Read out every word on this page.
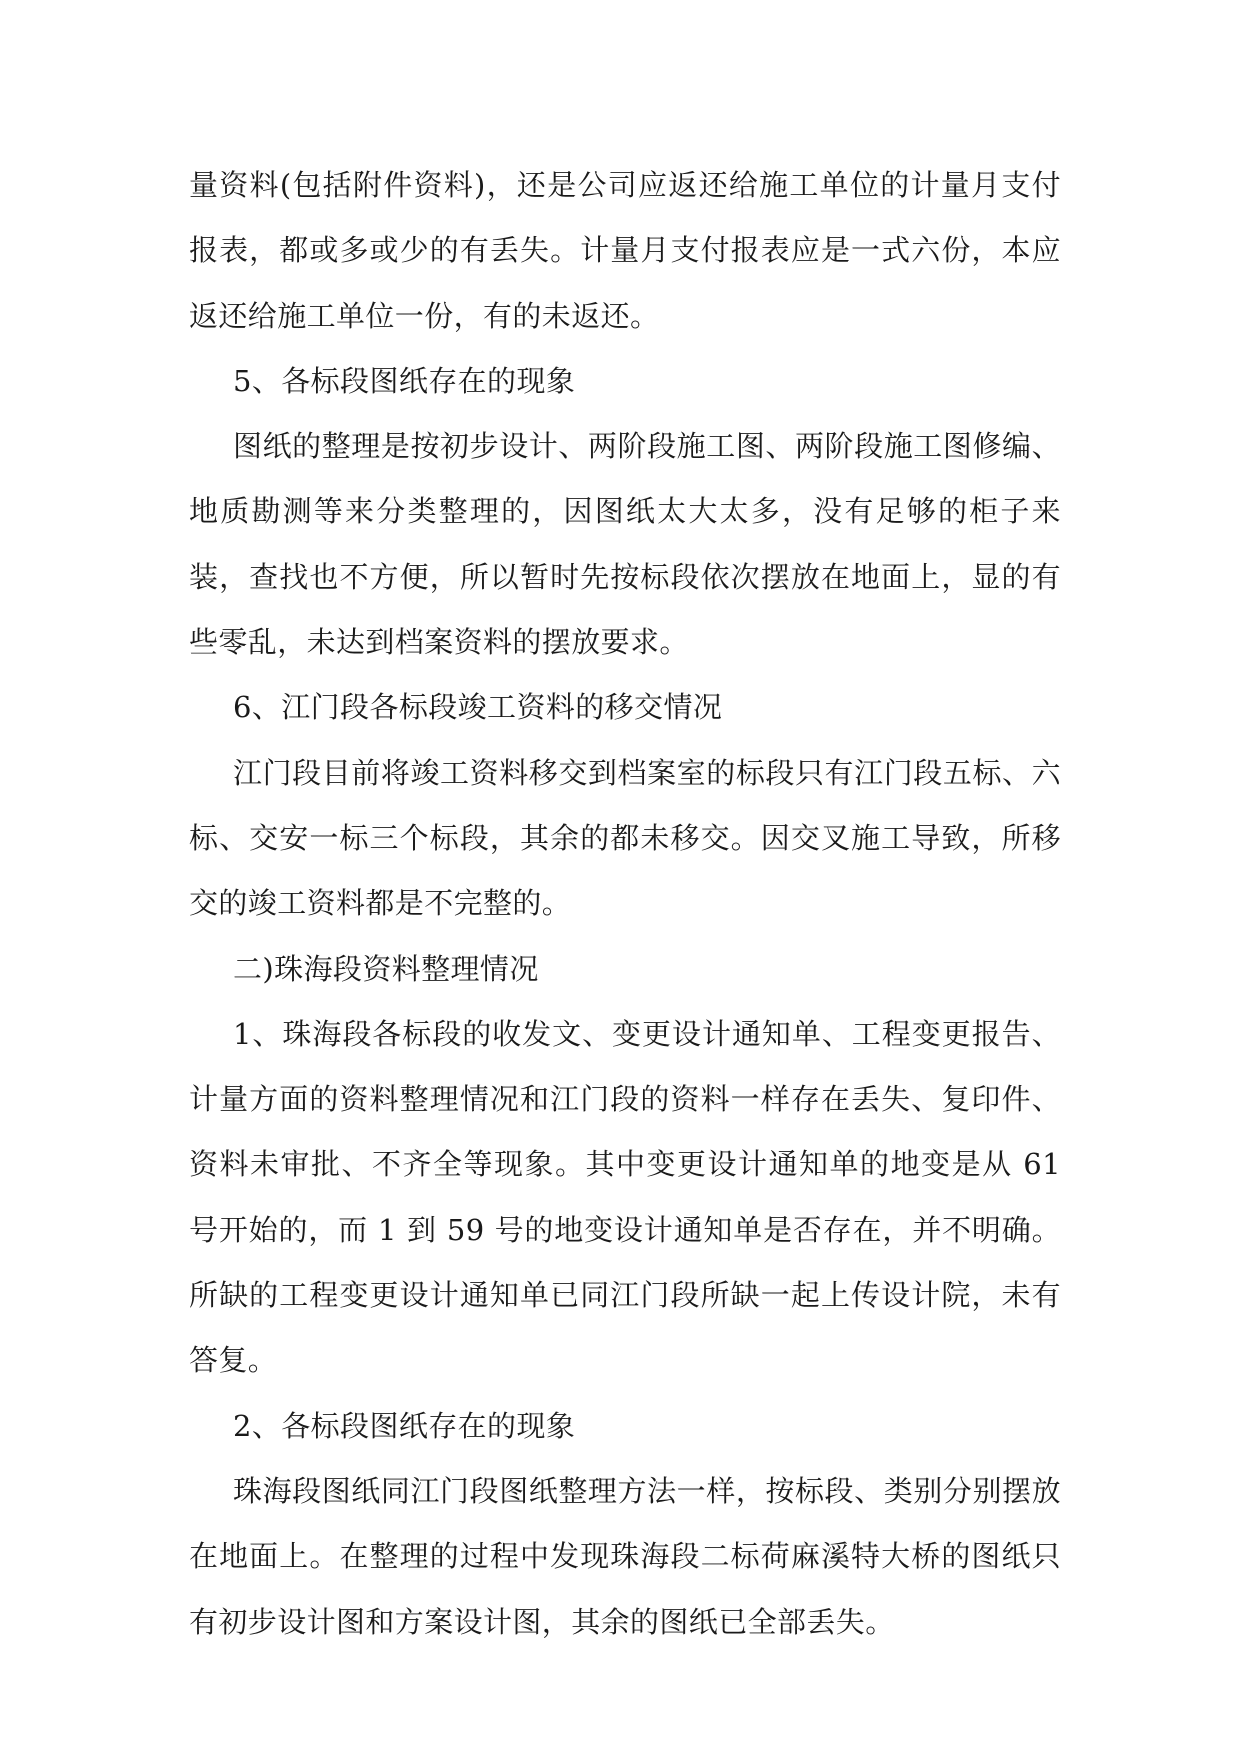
量资料(包括附件资料)，还是公司应返还给施工单位的计量月支付报表，都或多或少的有丢失。计量月支付报表应是一式六份，本应返还给施工单位一份，有的未返还。

5、各标段图纸存在的现象

图纸的整理是按初步设计、两阶段施工图、两阶段施工图修编、地质勘测等来分类整理的，因图纸太大太多，没有足够的柜子来装，查找也不方便，所以暂时先按标段依次摆放在地面上，显的有些零乱，未达到档案资料的摆放要求。

6、江门段各标段竣工资料的移交情况

江门段目前将竣工资料移交到档案室的标段只有江门段五标、六标、交安一标三个标段，其余的都未移交。因交叉施工导致，所移交的竣工资料都是不完整的。

二)珠海段资料整理情况

1、珠海段各标段的收发文、变更设计通知单、工程变更报告、计量方面的资料整理情况和江门段的资料一样存在丢失、复印件、资料未审批、不齐全等现象。其中变更设计通知单的地变是从 61 号开始的，而 1 到 59 号的地变设计通知单是否存在，并不明确。所缺的工程变更设计通知单已同江门段所缺一起上传设计院，未有答复。

2、各标段图纸存在的现象

珠海段图纸同江门段图纸整理方法一样，按标段、类别分别摆放在地面上。在整理的过程中发现珠海段二标荷麻溪特大桥的图纸只有初步设计图和方案设计图，其余的图纸已全部丢失。
